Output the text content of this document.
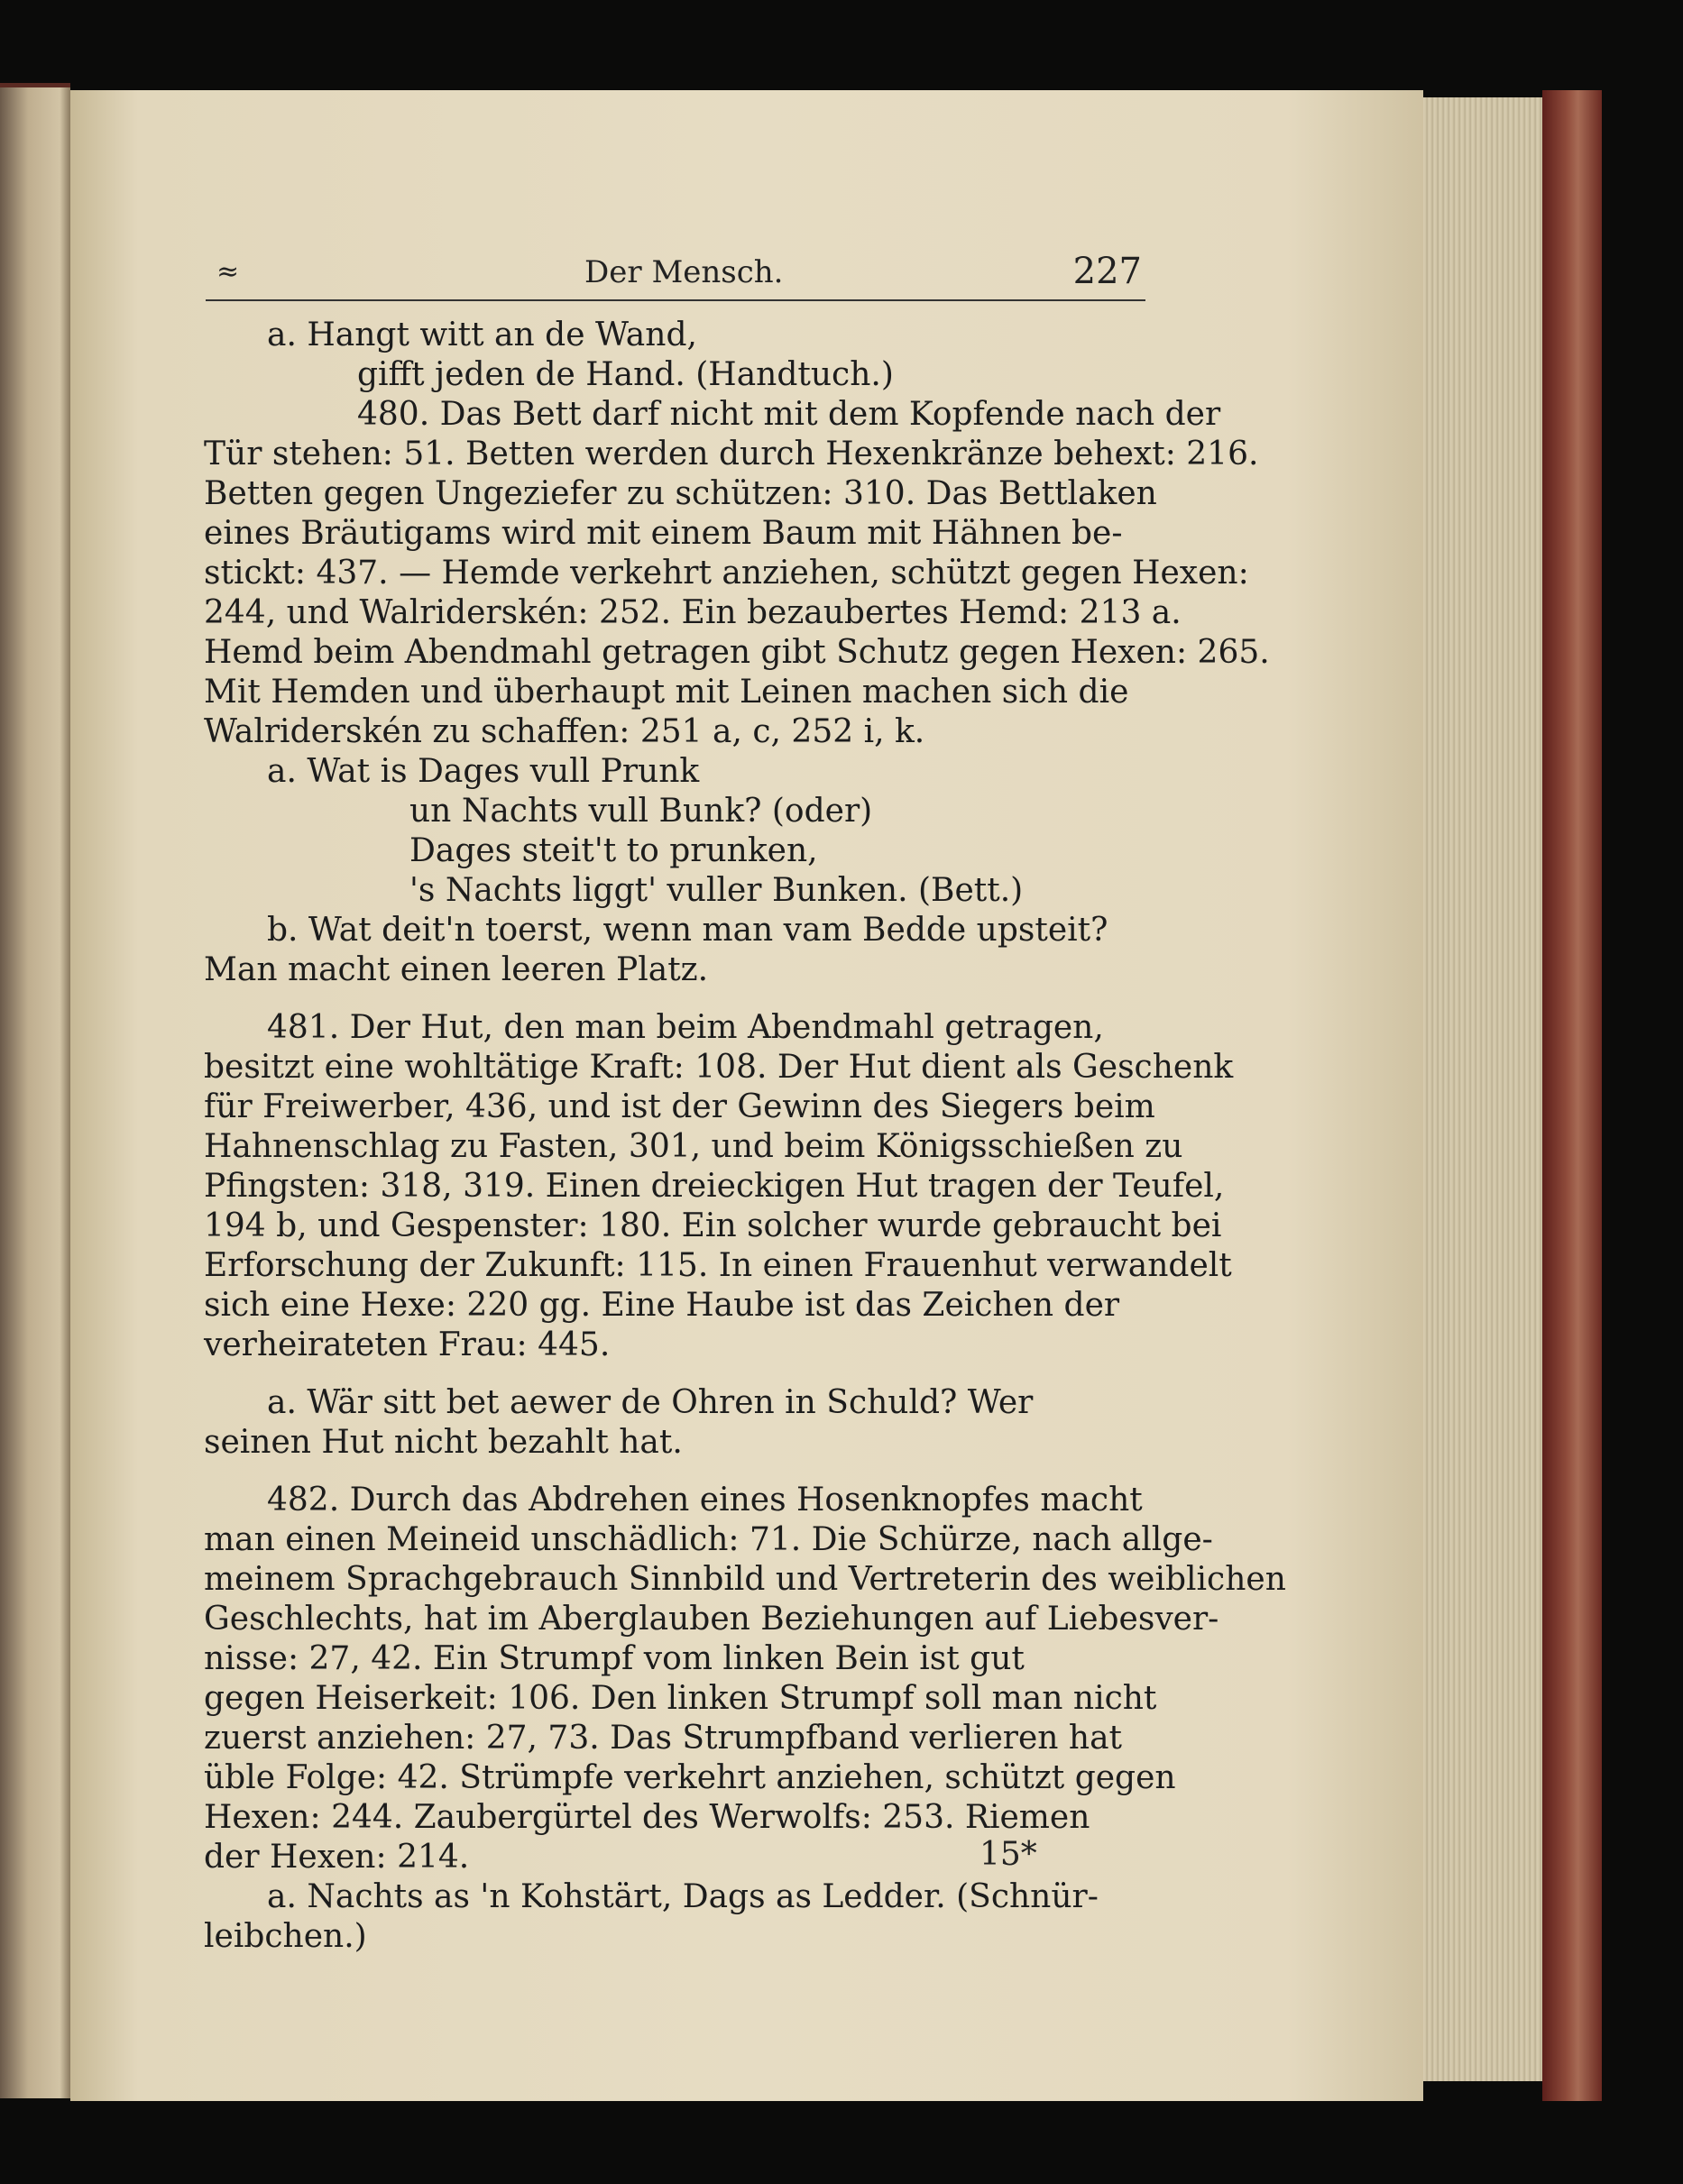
≈	Der Mensch.	227
a. Hangt witt an de Wand,
gifft jeden de Hand. (Handtuch.)
480. Das Bett darf nicht mit dem Kopfende nach der
Tür stehen: 51. Betten werden durch Hexenkränze behext: 216.
Betten gegen Ungeziefer zu schützen: 310. Das Bettlaken
eines Bräutigams wird mit einem Baum mit Hähnen be-
stickt: 437. — Hemde verkehrt anziehen, schützt gegen Hexen:
244, und Walriderskén: 252. Ein bezaubertes Hemd: 213 a.
Hemd beim Abendmahl getragen gibt Schutz gegen Hexen: 265.
Mit Hemden und überhaupt mit Leinen machen sich die
Walriderskén zu schaffen: 251 a, c, 252 i, k.
a. Wat is Dages vull Prunk
un Nachts vull Bunk? (oder)
Dages steit't to prunken,
's Nachts liggt' vuller Bunken. (Bett.)
b. Wat deit'n toerst, wenn man vam Bedde upsteit?
Man macht einen leeren Platz.
481. Der Hut, den man beim Abendmahl getragen,
besitzt eine wohltätige Kraft: 108. Der Hut dient als Geschenk
für Freiwerber, 436, und ist der Gewinn des Siegers beim
Hahnenschlag zu Fasten, 301, und beim Königsschießen zu
Pfingsten: 318, 319. Einen dreieckigen Hut tragen der Teufel,
194 b, und Gespenster: 180. Ein solcher wurde gebraucht bei
Erforschung der Zukunft: 115. In einen Frauenhut verwandelt
sich eine Hexe: 220 gg. Eine Haube ist das Zeichen der
verheirateten Frau: 445.
a. Wär sitt bet aewer de Ohren in Schuld? Wer
seinen Hut nicht bezahlt hat.
482. Durch das Abdrehen eines Hosenknopfes macht
man einen Meineid unschädlich: 71. Die Schürze, nach allge-
meinem Sprachgebrauch Sinnbild und Vertreterin des weiblichen
Geschlechts, hat im Aberglauben Beziehungen auf Liebesver-
nisse: 27, 42. Ein Strumpf vom linken Bein ist gut
gegen Heiserkeit: 106. Den linken Strumpf soll man nicht
zuerst anziehen: 27, 73. Das Strumpfband verlieren hat
üble Folge: 42. Strümpfe verkehrt anziehen, schützt gegen
Hexen: 244. Zaubergürtel des Werwolfs: 253. Riemen
der Hexen: 214.
a. Nachts as 'n Kohstärt, Dags as Ledder. (Schnür-
leibchen.)
15*
